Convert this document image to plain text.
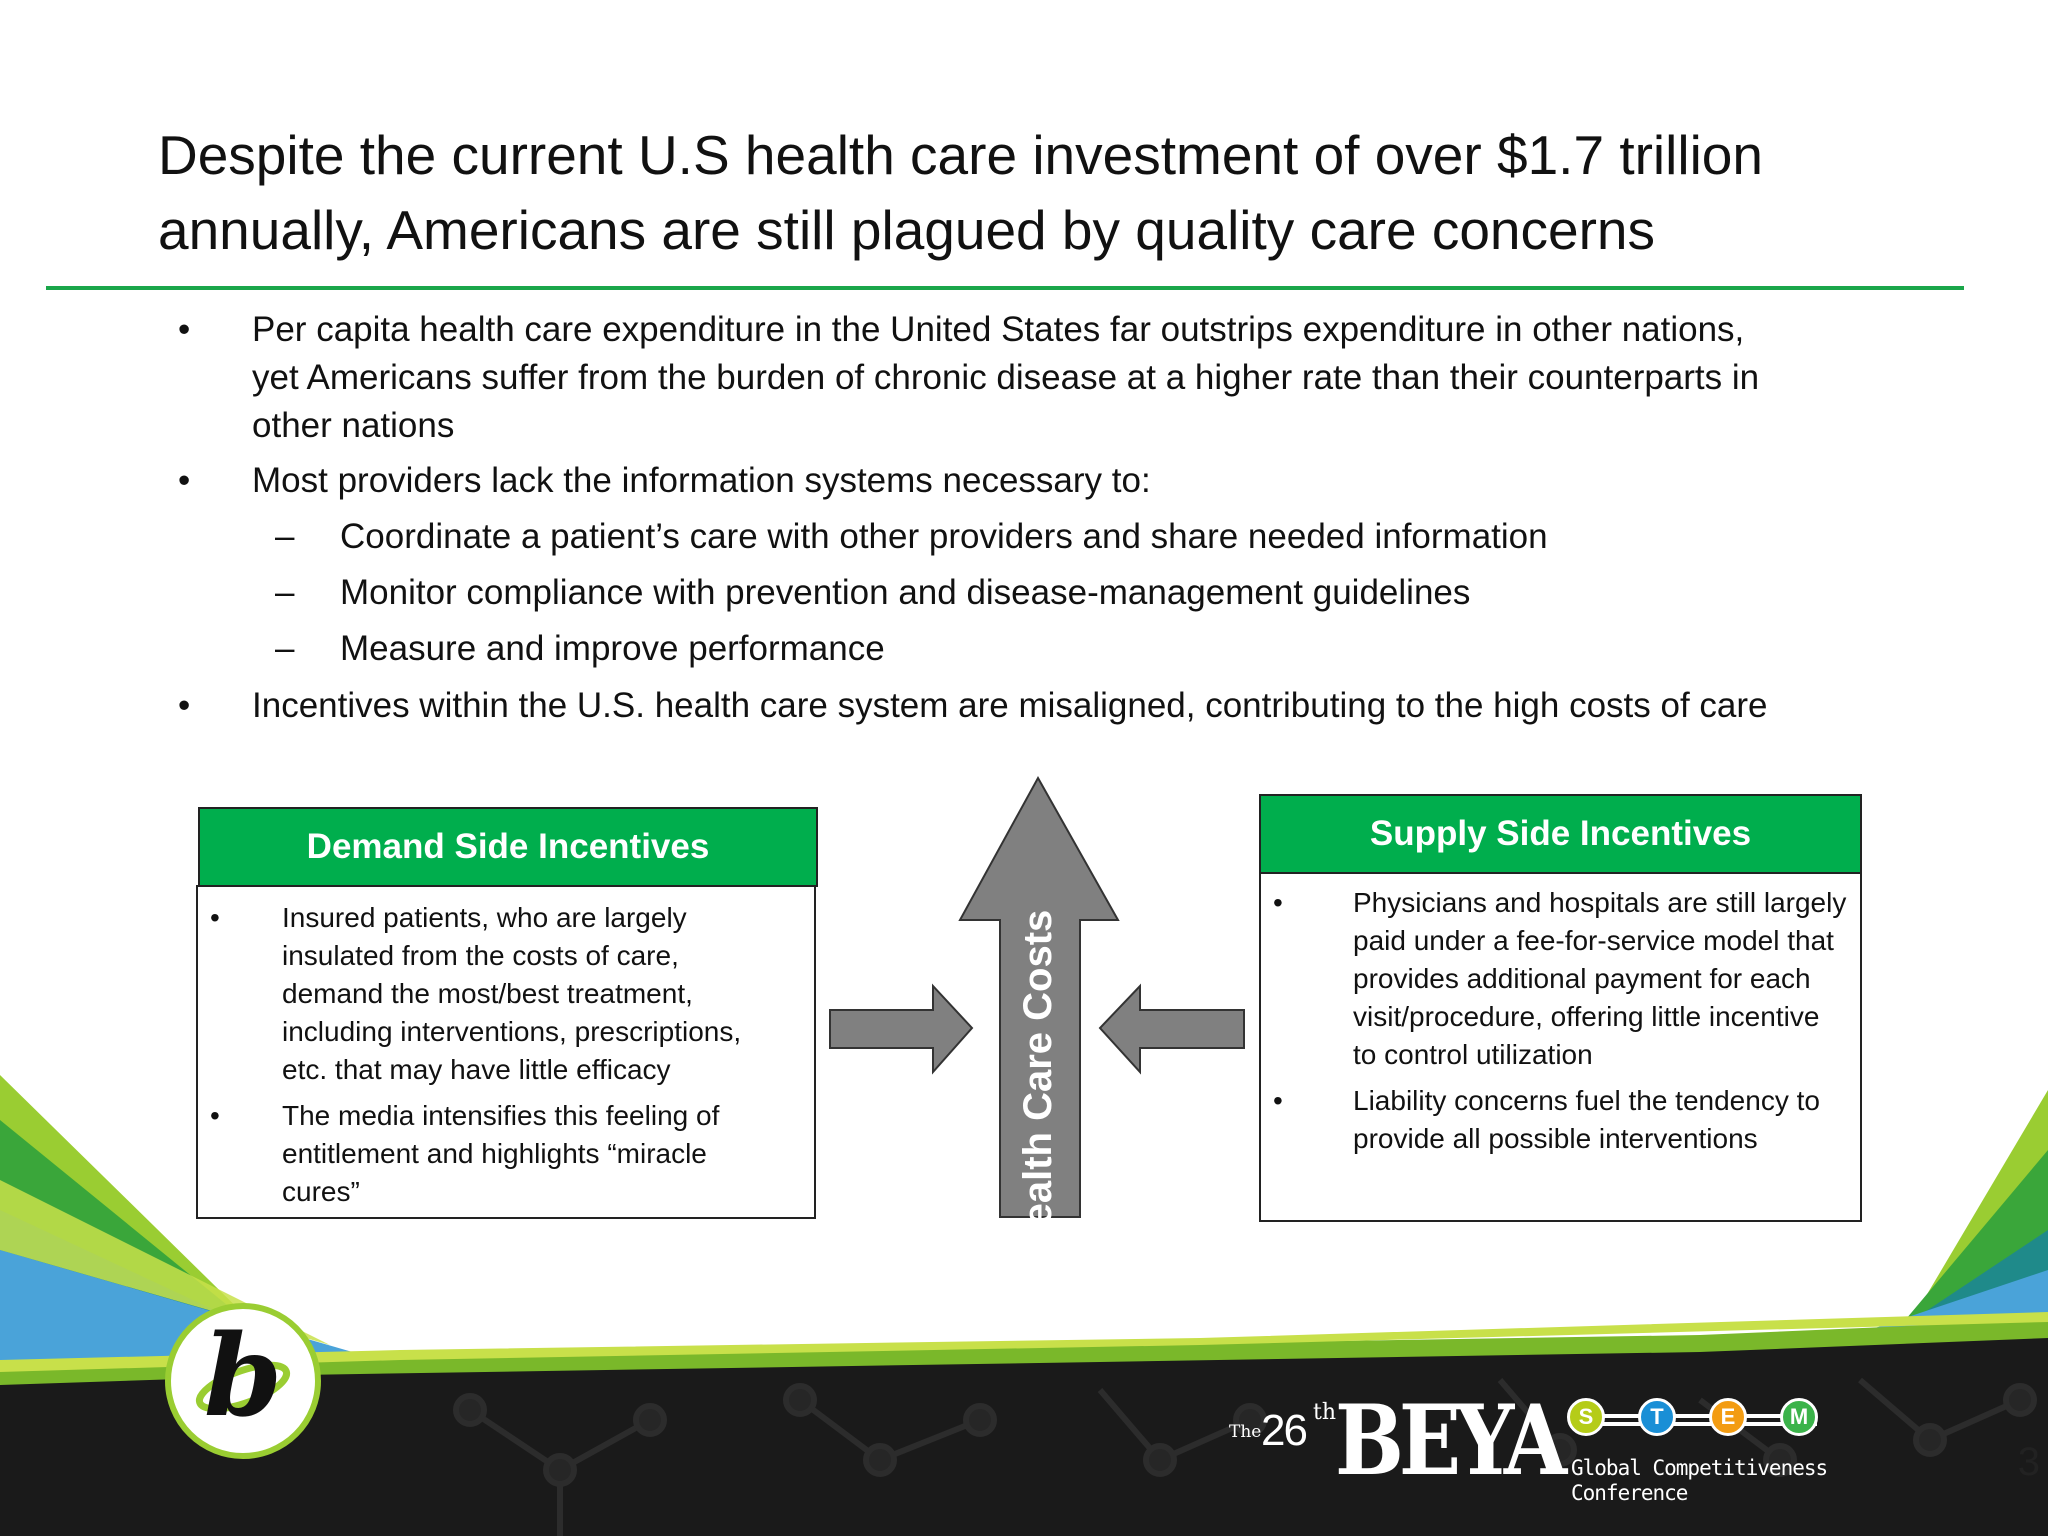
Despite the current U.S health care investment of over $1.7 trillion
annually, Americans are still plagued by quality care concerns
• Per capita health care expenditure in the United States far outstrips expenditure in other nations,
yet Americans suffer from the burden of chronic disease at a higher rate than their counterparts in
other nations
• Most providers lack the information systems necessary to:
– Coordinate a patient’s care with other providers and share needed information
– Monitor compliance with prevention and disease-management guidelines
– Measure and improve performance
• Incentives within the U.S. health care system are misaligned, contributing to the high costs of care
Demand Side Incentives
• Insured patients, who are largely
insulated from the costs of care,
demand the most/best treatment,
including interventions, prescriptions,
etc. that may have little efficacy
• The media intensifies this feeling of
entitlement and highlights “miracle
cures”	Health Care Costs
Supply Side Incentives
•	Physicians and hospitals are still largely
paid under a fee-for-service model that
provides additional payment for each
visit/procedure, offering little incentive
to control utilization
•	Liability concerns fuel the tendency to
provide all possible interventions
b	The 26 th
BEYA S	T	E	M
Global Competitiveness
Conference
3
